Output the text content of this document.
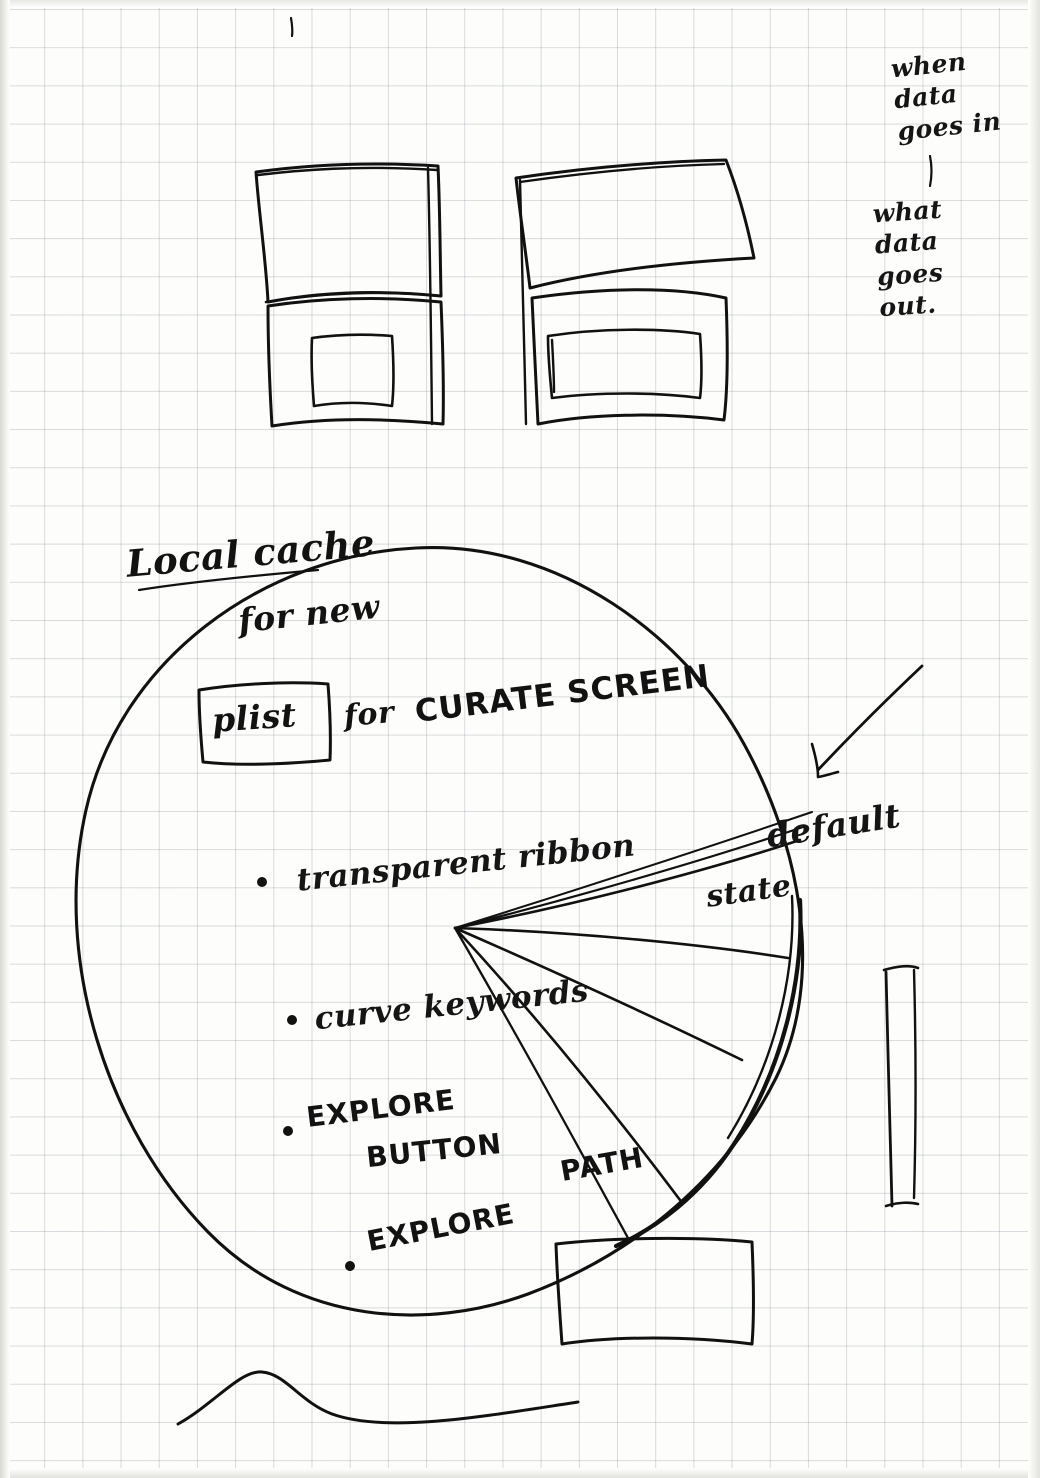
Local cache
for new
plist for CURATE SCREEN
transparent ribbon
curve keywords
EXPLORE
BUTTON
EXPLORE
PATH
default
state
when
data
goes in
what
data
goes
out.
